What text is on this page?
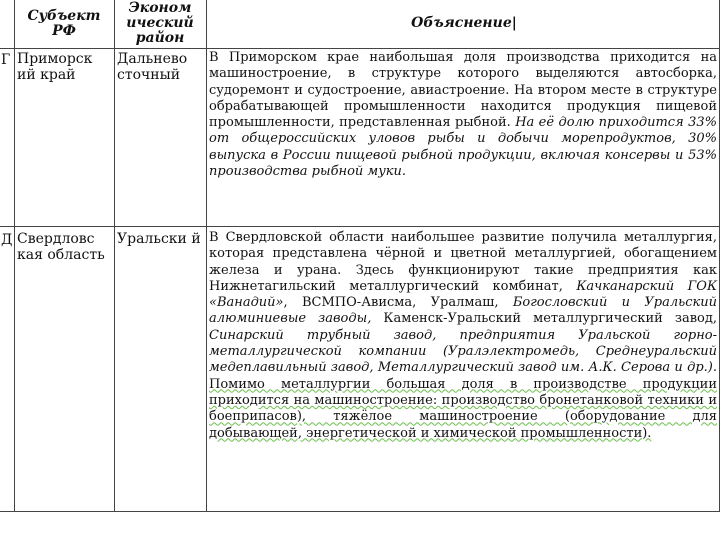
Субъект РФ
Эконом ический район
Объяснение|
Г Приморск ий край
Дальнево сточный
В Приморском крае наибольшая доля производства приходится на машиностроение, в структуре которого выделяются автосборка, судоремонт и судостроение, авиастроение. На втором месте в структуре обрабатывающей промышленности находится продукция пищевой промышленности, представленная рыбной. На её долю приходится 33% от общероссийских уловов рыбы и добычи морепродуктов, 30% выпуска в России пищевой рыбной продукции, включая консервы и 53% производства рыбной муки.
Д Свердловс кая область
Уральски й В Свердловской области наибольшее развитие получила металлургия, которая представлена чёрной и цветной металлургией, обогащением железа и урана. Здесь функционируют такие предприятия как Нижнетагильский металлургический комбинат, Качканарский ГОК «Ванадий», ВСМПО-Ависма, Уралмаш, Богословский и Уральский алюминиевые заводы, Каменск-Уральский металлургический завод, Синарский трубный завод, предприятия Уральской горно-металлургической компании (Уралэлектромедь, Среднеуральский медеплавильный завод, Металлургический завод им. А.К. Серова и др.). Помимо металлургии большая доля в производстве продукции приходится на машиностроение: производство бронетанковой техники и боеприпасов), тяжёлое машиностроение (оборудование для добывающей, энергетической и химической промышленности).
